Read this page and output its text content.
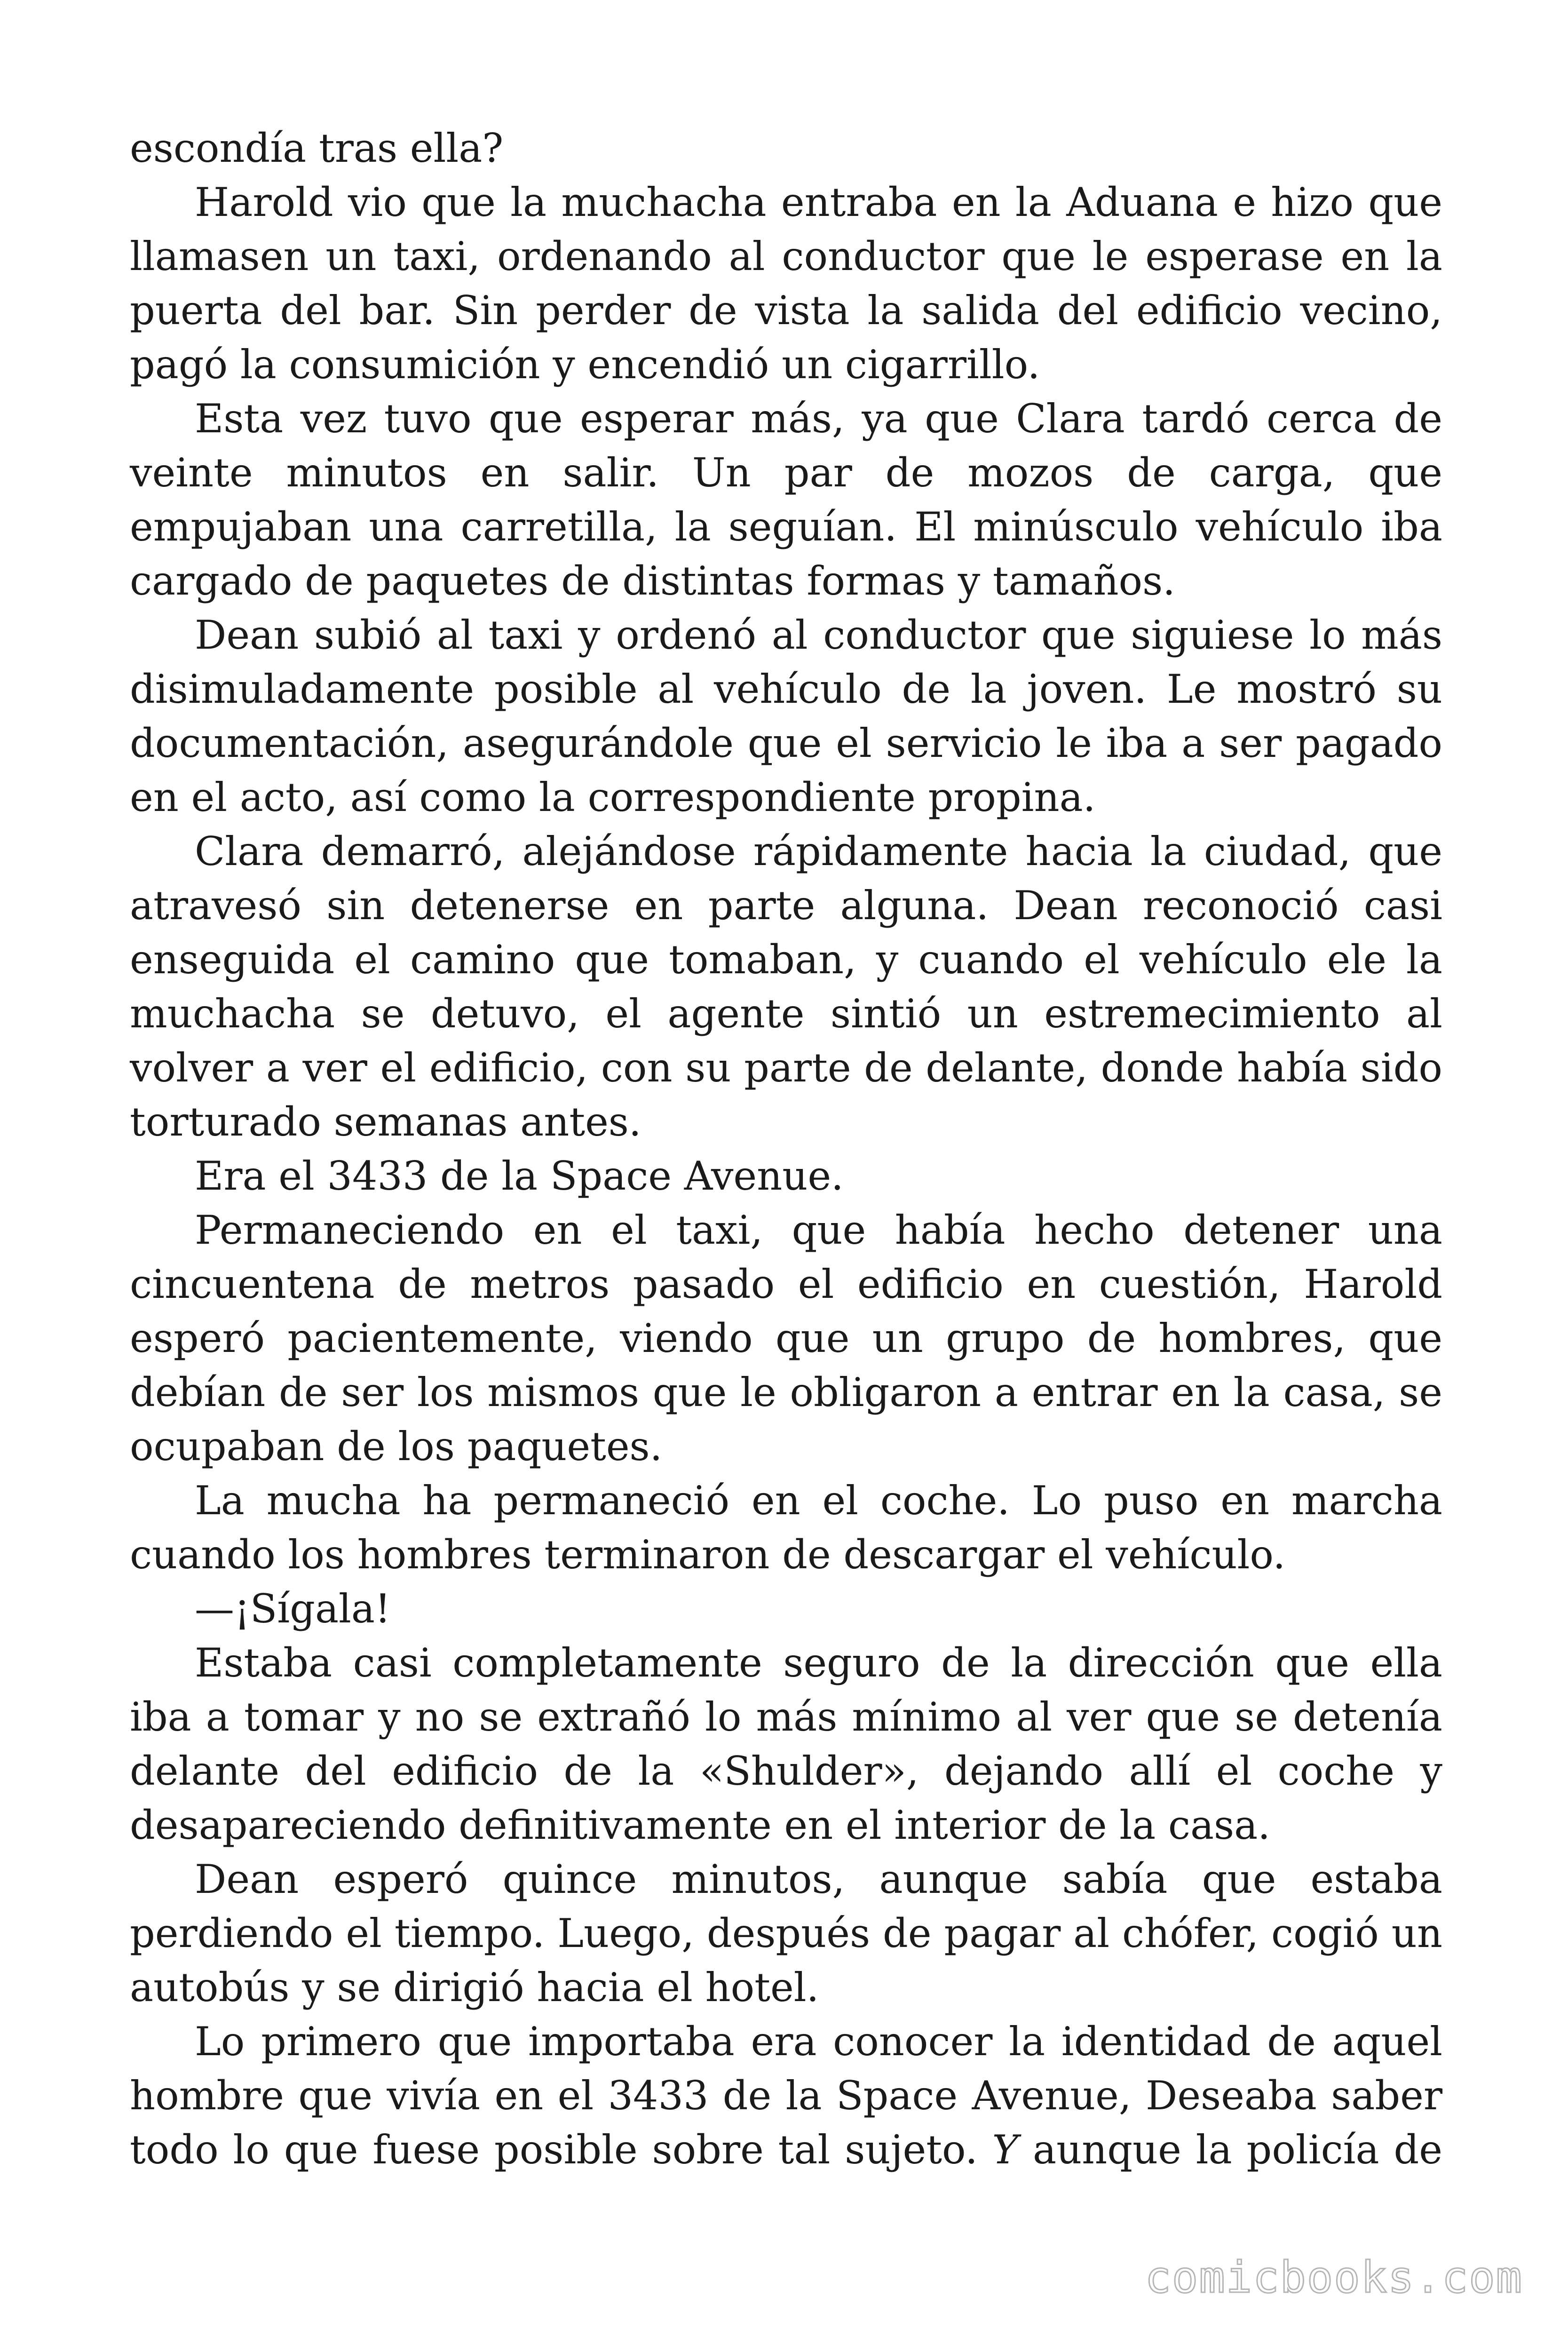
escondía tras ella?

Harold vio que la muchacha entraba en la Aduana e hizo que llamasen un taxi, ordenando al conductor que le esperase en la puerta del bar. Sin perder de vista la salida del edificio vecino, pagó la consumición y encendió un cigarrillo.

Esta vez tuvo que esperar más, ya que Clara tardó cerca de veinte minutos en salir. Un par de mozos de carga, que empujaban una carretilla, la seguían. El minúsculo vehículo iba cargado de paquetes de distintas formas y tamaños.

Dean subió al taxi y ordenó al conductor que siguiese lo más disimuladamente posible al vehículo de la joven. Le mostró su documentación, asegurándole que el servicio le iba a ser pagado en el acto, así como la correspondiente propina.

Clara demarró, alejándose rápidamente hacia la ciudad, que atravesó sin detenerse en parte alguna. Dean reconoció casi enseguida el camino que tomaban, y cuando el vehículo ele la muchacha se detuvo, el agente sintió un estremecimiento al volver a ver el edificio, con su parte de delante, donde había sido torturado semanas antes.

Era el 3433 de la Space Avenue.

Permaneciendo en el taxi, que había hecho detener una cincuentena de metros pasado el edificio en cuestión, Harold esperó pacientemente, viendo que un grupo de hombres, que debían de ser los mismos que le obligaron a entrar en la casa, se ocupaban de los paquetes.

La mucha ha permaneció en el coche. Lo puso en marcha cuando los hombres terminaron de descargar el vehículo.

—¡Sígala!

Estaba casi completamente seguro de la dirección que ella iba a tomar y no se extrañó lo más mínimo al ver que se detenía delante del edificio de la «Shulder», dejando allí el coche y desapareciendo definitivamente en el interior de la casa.

Dean esperó quince minutos, aunque sabía que estaba perdiendo el tiempo. Luego, después de pagar al chófer, cogió un autobús y se dirigió hacia el hotel.

Lo primero que importaba era conocer la identidad de aquel hombre que vivía en el 3433 de la Space Avenue, Deseaba saber todo lo que fuese posible sobre tal sujeto. Y aunque la policía de

comicbooks.com
